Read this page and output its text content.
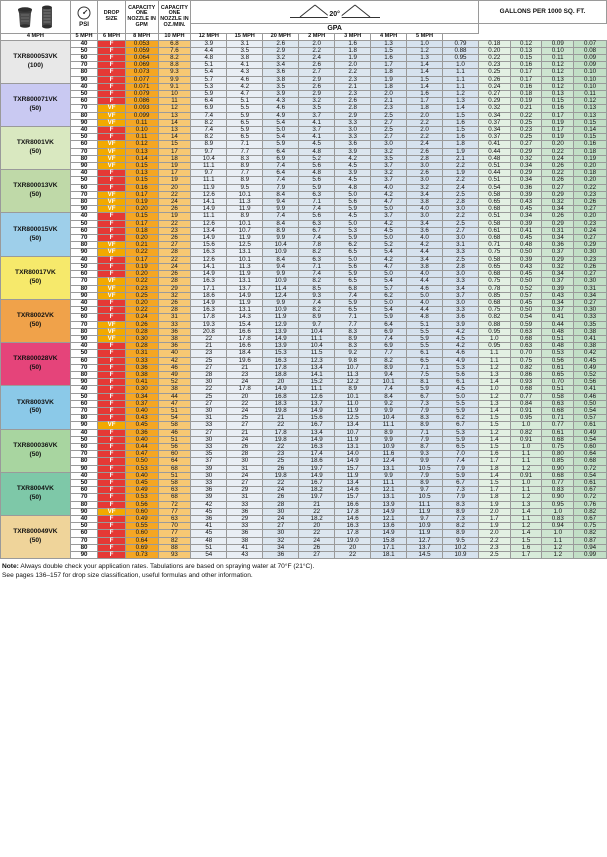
PSI	DROP SIZE	CAPACITY ONE NOZZLE IN GPM	CAPACITY ONE NOZZLE IN OZ./MIN.	20°								GALLONS PER 1000 SQ. FT.			
					GPA											
4 MPH	5 MPH	6 MPH	8 MPH	10 MPH	12 MPH	15 MPH	20 MPH	2 MPH	3 MPH	4 MPH	5 MPH					

TXR800053VK
(100)	40	F	0.053	6.8	3.9	3.1	2.6	2.0	1.6	1.3	1.0	0.79	0.18	0.12	0.09	0.07
	50	F	0.059	7.6	4.4	3.5	2.9	2.2	1.8	1.5	1.2	0.88	0.20	0.13	0.10	0.08
	60	F	0.064	8.2	4.8	3.8	3.2	2.4	1.9	1.6	1.3	0.95	0.22	0.15	0.11	0.09
	70	F	0.069	8.8	5.1	4.1	3.4	2.6	2.0	1.7	1.4	1.0	0.23	0.16	0.12	0.09
	80	F	0.073	9.3	5.4	4.3	3.6	2.7	2.2	1.8	1.4	1.1	0.25	0.17	0.12	0.10
	90	F	0.077	9.9	5.7	4.6	3.8	2.9	2.3	1.9	1.5	1.1	0.26	0.17	0.13	0.10

TXR800071VK
(50)	40	F	0.071	9.1	5.3	4.2	3.5	2.6	2.1	1.8	1.4	1.1	0.24	0.16	0.12	0.10
	50	F	0.079	10	5.9	4.7	3.9	2.9	2.3	2.0	1.6	1.2	0.27	0.18	0.13	0.11
	60	F	0.086	11	6.4	5.1	4.3	3.2	2.6	2.1	1.7	1.3	0.29	0.19	0.15	0.12
	70	VF	0.093	12	6.9	5.5	4.6	3.5	2.8	2.3	1.8	1.4	0.32	0.21	0.16	0.13
	80	VF	0.099	13	7.4	5.9	4.9	3.7	2.9	2.5	2.0	1.5	0.34	0.22	0.17	0.13
	90	VF	0.11	14	8.2	6.5	5.4	4.1	3.3	2.7	2.2	1.6	0.37	0.25	0.19	0.15

TXR8001VK
(50)	40	F	0.10	13	7.4	5.9	5.0	3.7	3.0	2.5	2.0	1.5	0.34	0.23	0.17	0.14
	50	F	0.11	14	8.2	6.5	5.4	4.1	3.3	2.7	2.2	1.6	0.37	0.25	0.19	0.15
	60	VF	0.12	15	8.9	7.1	5.9	4.5	3.6	3.0	2.4	1.8	0.41	0.27	0.20	0.16
	70	VF	0.13	17	9.7	7.7	6.4	4.8	3.9	3.2	2.6	1.9	0.44	0.29	0.22	0.18
	80	VF	0.14	18	10.4	8.3	6.9	5.2	4.2	3.5	2.8	2.1	0.48	0.32	0.24	0.19
	90	VF	0.15	19	11.1	8.9	7.4	5.6	4.5	3.7	3.0	2.2	0.51	0.34	0.26	0.20

TXR800013VK
(50)	40	F	0.13	17	9.7	7.7	6.4	4.8	3.9	3.2	2.6	1.9	0.44	0.29	0.22	0.18
	50	F	0.15	19	11.1	8.9	7.4	5.6	4.5	3.7	3.0	2.2	0.51	0.34	0.26	0.20
	60	F	0.16	20	11.9	9.5	7.9	5.9	4.8	4.0	3.2	2.4	0.54	0.36	0.27	0.22
	70	VF	0.17	22	12.6	10.1	8.4	6.3	5.0	4.2	3.4	2.5	0.58	0.39	0.29	0.23
	80	VF	0.19	24	14.1	11.3	9.4	7.1	5.6	4.7	3.8	2.8	0.65	0.43	0.32	0.26
	90	VF	0.20	26	14.9	11.9	9.9	7.4	5.9	5.0	4.0	3.0	0.68	0.45	0.34	0.27

TXR800015VK
(50)	40	F	0.15	19	11.1	8.9	7.4	5.6	4.5	3.7	3.0	2.2	0.51	0.34	0.26	0.20
	50	F	0.17	22	12.6	10.1	8.4	6.3	5.0	4.2	3.4	2.5	0.58	0.39	0.29	0.23
	60	F	0.18	23	13.4	10.7	8.9	6.7	5.3	4.5	3.6	2.7	0.61	0.41	0.31	0.24
	70	F	0.20	26	14.9	11.9	9.9	7.4	5.9	5.0	4.0	3.0	0.68	0.45	0.34	0.27
	80	VF	0.21	27	15.6	12.5	10.4	7.8	6.2	5.2	4.2	3.1	0.71	0.48	0.36	0.29
	90	VF	0.22	28	16.3	13.1	10.9	8.2	6.5	5.4	4.4	3.3	0.75	0.50	0.37	0.30

TXR80017VK
(50)	40	F	0.17	22	12.6	10.1	8.4	6.3	5.0	4.2	3.4	2.5	0.58	0.39	0.29	0.23
	50	F	0.19	24	14.1	11.3	9.4	7.1	5.6	4.7	3.8	2.8	0.65	0.43	0.32	0.26
	60	F	0.20	26	14.9	11.9	9.9	7.4	5.9	5.0	4.0	3.0	0.68	0.45	0.34	0.27
	70	VF	0.22	28	16.3	13.1	10.9	8.2	6.5	5.4	4.4	3.3	0.75	0.50	0.37	0.30
	80	VF	0.23	29	17.1	13.7	11.4	8.5	6.8	5.7	4.6	3.4	0.78	0.52	0.39	0.31
	90	VF	0.25	32	18.6	14.9	12.4	9.3	7.4	6.2	5.0	3.7	0.85	0.57	0.43	0.34

TXR8002VK
(50)	40	F	0.20	26	14.9	11.9	9.9	7.4	5.9	5.0	4.0	3.0	0.68	0.45	0.34	0.27
	50	F	0.22	28	16.3	13.1	10.9	8.2	6.5	5.4	4.4	3.3	0.75	0.50	0.37	0.30
	60	F	0.24	31	17.8	14.3	11.9	8.9	7.1	5.9	4.8	3.6	0.82	0.54	0.41	0.33
	70	VF	0.26	33	19.3	15.4	12.9	9.7	7.7	6.4	5.1	3.9	0.88	0.59	0.44	0.35
	80	VF	0.28	36	20.8	16.6	13.9	10.4	8.3	6.9	5.5	4.2	0.95	0.63	0.48	0.38
	90	VF	0.30	38	22	17.8	14.9	11.1	8.9	7.4	5.9	4.5	1.0	0.68	0.51	0.41

TXR800028VK
(50)	40	F	0.28	36	21	16.6	13.9	10.4	8.3	6.9	5.5	4.2	0.95	0.63	0.48	0.38
	50	F	0.31	40	23	18.4	15.3	11.5	9.2	7.7	6.1	4.6	1.1	0.70	0.53	0.42
	60	F	0.33	42	25	19.6	16.3	12.3	9.8	8.2	6.5	4.9	1.1	0.75	0.56	0.45
	70	F	0.36	46	27	21	17.8	13.4	10.7	8.9	7.1	5.3	1.2	0.82	0.61	0.49
	80	F	0.38	49	28	23	18.8	14.1	11.3	9.4	7.5	5.6	1.3	0.86	0.65	0.52
	90	F	0.41	52	30	24	20	15.2	12.2	10.1	8.1	6.1	1.4	0.93	0.70	0.56

TXR8003VK
(50)	40	F	0.30	38	22	17.8	14.9	11.1	8.9	7.4	5.9	4.5	1.0	0.68	0.51	0.41
	50	F	0.34	44	25	20	16.8	12.6	10.1	8.4	6.7	5.0	1.2	0.77	0.58	0.46
	60	F	0.37	47	27	22	18.3	13.7	11.0	9.2	7.3	5.5	1.3	0.84	0.63	0.50
	70	F	0.40	51	30	24	19.8	14.9	11.9	9.9	7.9	5.9	1.4	0.91	0.68	0.54
	80	F	0.43	54	31	25	21	15.6	12.5	10.4	8.3	6.2	1.5	0.95	0.71	0.57
	90	VF	0.45	58	33	27	22	16.7	13.4	11.1	8.9	6.7	1.5	1.0	0.77	0.61

TXR800036VK
(50)	40	F	0.36	46	27	21	17.8	13.4	10.7	8.9	7.1	5.3	1.2	0.82	0.61	0.49
	50	F	0.40	51	30	24	19.8	14.9	11.9	9.9	7.9	5.9	1.4	0.91	0.68	0.54
	60	F	0.44	56	33	26	22	16.3	13.1	10.9	8.7	6.5	1.5	1.0	0.75	0.60
	70	F	0.47	60	35	28	23	17.4	14.0	11.6	9.3	7.0	1.6	1.1	0.80	0.64
	80	F	0.50	64	37	30	25	18.6	14.9	12.4	9.9	7.4	1.7	1.1	0.85	0.68
	90	F	0.53	68	39	31	26	19.7	15.7	13.1	10.5	7.9	1.8	1.2	0.90	0.72

TXR8004VK
(50)	40	F	0.40	51	30	24	19.8	14.9	11.9	9.9	7.9	5.9	1.4	0.91	0.68	0.54
	50	F	0.45	58	33	27	22	16.7	13.4	11.1	8.9	6.7	1.5	1.0	0.77	0.61
	60	F	0.49	63	36	29	24	18.2	14.6	12.1	9.7	7.3	1.7	1.1	0.83	0.67
	70	F	0.53	68	39	31	26	19.7	15.7	13.1	10.5	7.9	1.8	1.2	0.90	0.72
	80	F	0.56	72	42	33	28	21	16.6	13.9	11.1	8.3	1.9	1.3	0.95	0.76
	90	VF	0.60	77	45	36	30	22	17.8	14.9	11.9	8.9	2.0	1.4	1.0	0.82

TXR800049VK
(50)	40	F	0.49	63	36	29	24	18.2	14.6	12.1	9.7	7.3	1.7	1.1	0.83	0.67
	50	F	0.55	70	41	33	27	20	16.3	13.6	10.9	8.2	1.9	1.2	0.94	0.75
	60	F	0.60	77	45	36	30	22	17.8	14.9	11.9	8.9	2.0	1.4	1.0	0.82
	70	F	0.64	82	48	38	32	24	19.0	15.8	12.7	9.5	2.2	1.5	1.1	0.87
	80	F	0.69	88	51	41	34	26	20	17.1	13.7	10.2	2.3	1.6	1.2	0.94
	90	F	0.73	93	54	43	36	27	22	18.1	14.5	10.9	2.5	1.7	1.2	0.99
Note: Always double check your application rates. Tabulations are based on spraying water at 70°F (21°C).
See pages 136–157 for drop size classification, useful formulas and other information.
